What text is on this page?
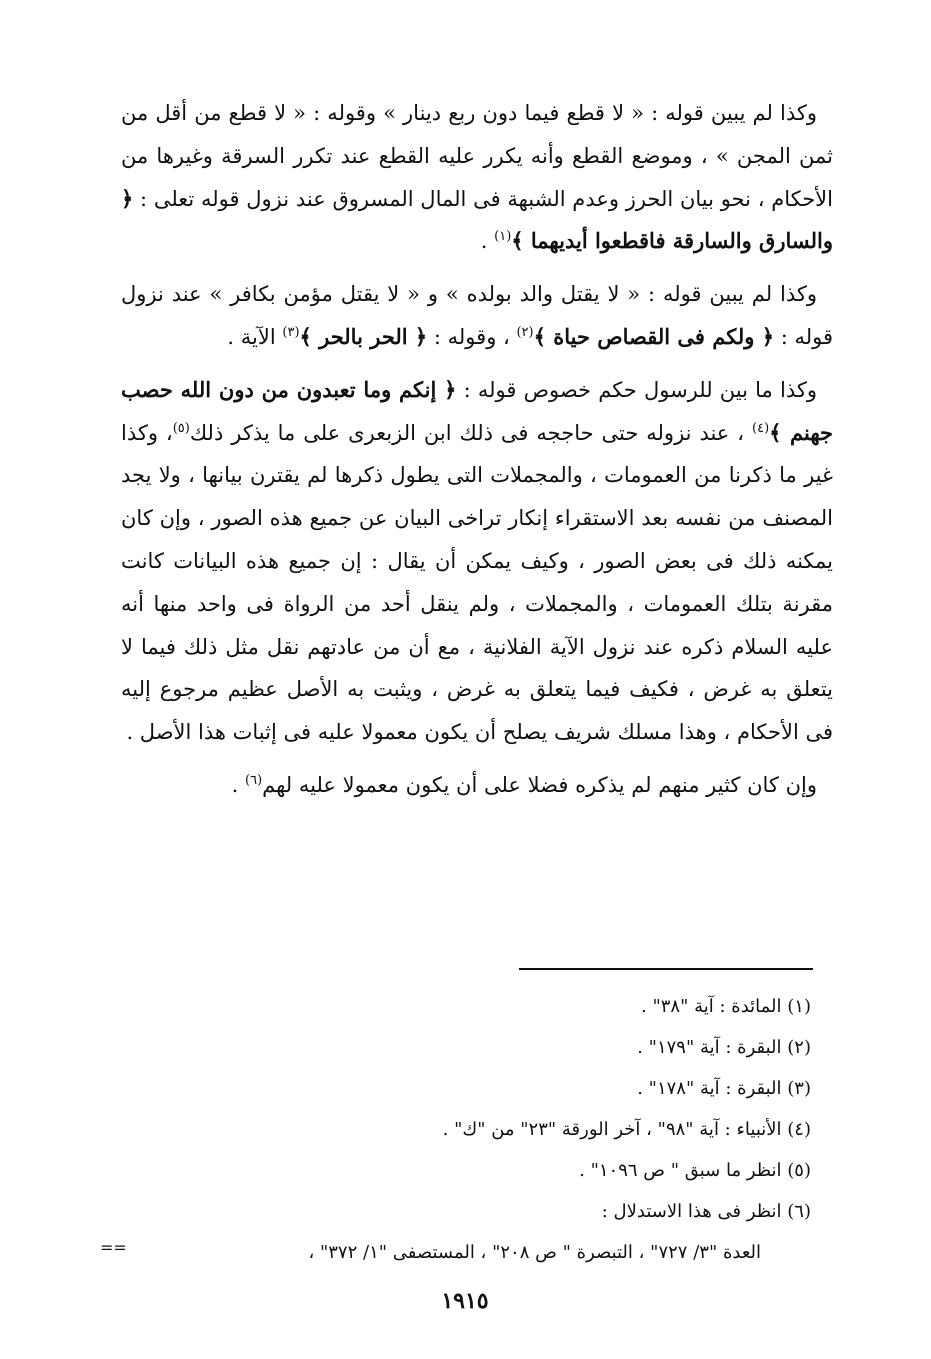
وكذا لم يبين قوله : « لا قطع فيما دون ربع دينار » وقوله : « لا قطع من أقل من ثمن المجن » ، وموضع القطع وأنه يكرر عليه القطع عند تكرر السرقة وغيرها من الأحكام ، نحو بيان الحرز وعدم الشبهة فى المال المسروق عند نزول قوله تعلى : ﴿ والسارق والسارقة فاقطعوا أيديهما ﴾$^{(١)}$ .

وكذا لم يبين قوله : « لا يقتل والد بولده » و « لا يقتل مؤمن بكافر » عند نزول قوله : ﴿ ولكم فى القصاص حياة ﴾$^{(٢)}$ ، وقوله : ﴿ الحر بالحر ﴾$^{(٣)}$ الآية .

وكذا ما بين للرسول حكم خصوص قوله : ﴿ إنكم وما تعبدون من دون الله حصب جهنم ﴾$^{(٤)}$ ، عند نزوله حتى حاججه فى ذلك ابن الزبعرى على ما يذكر ذلك$^{(٥)}$، وكذا غير ما ذكرنا من العمومات ، والمجملات التى يطول ذكرها لم يقترن بيانها ، ولا يجد المصنف من نفسه بعد الاستقراء إنكار تراخى البيان عن جميع هذه الصور ، وإن كان يمكنه ذلك فى بعض الصور ، وكيف يمكن أن يقال : إن جميع هذه البيانات كانت مقرنة بتلك العمومات ، والمجملات ، ولم ينقل أحد من الرواة فى واحد منها أنه عليه السلام ذكره عند نزول الآية الفلانية ، مع أن من عادتهم نقل مثل ذلك فيما لا يتعلق به غرض ، فكيف فيما يتعلق به غرض ، ويثبت به الأصل عظيم مرجوع إليه فى الأحكام ، وهذا مسلك شريف يصلح أن يكون معمولا عليه فى إثبات هذا الأصل .

وإن كان كثير منهم لم يذكره فضلا على أن يكون معمولا عليه لهم$^{(٦)}$ .

(١) المائدة : آية "٣٨" .
(٢) البقرة : آية "١٧٩" .
(٣) البقرة : آية "١٧٨" .
(٤) الأنبياء : آية "٩٨" ، آخر الورقة "٢٣" من "ك" .
(٥) انظر ما سبق " ص ١٠٩٦" .
(٦) انظر فى هذا الاستدلال :
العدة "٣/ ٧٢٧" ، التبصرة " ص ٢٠٨" ، المستصفى "١/ ٣٧٢" ،
==
١٩١٥
